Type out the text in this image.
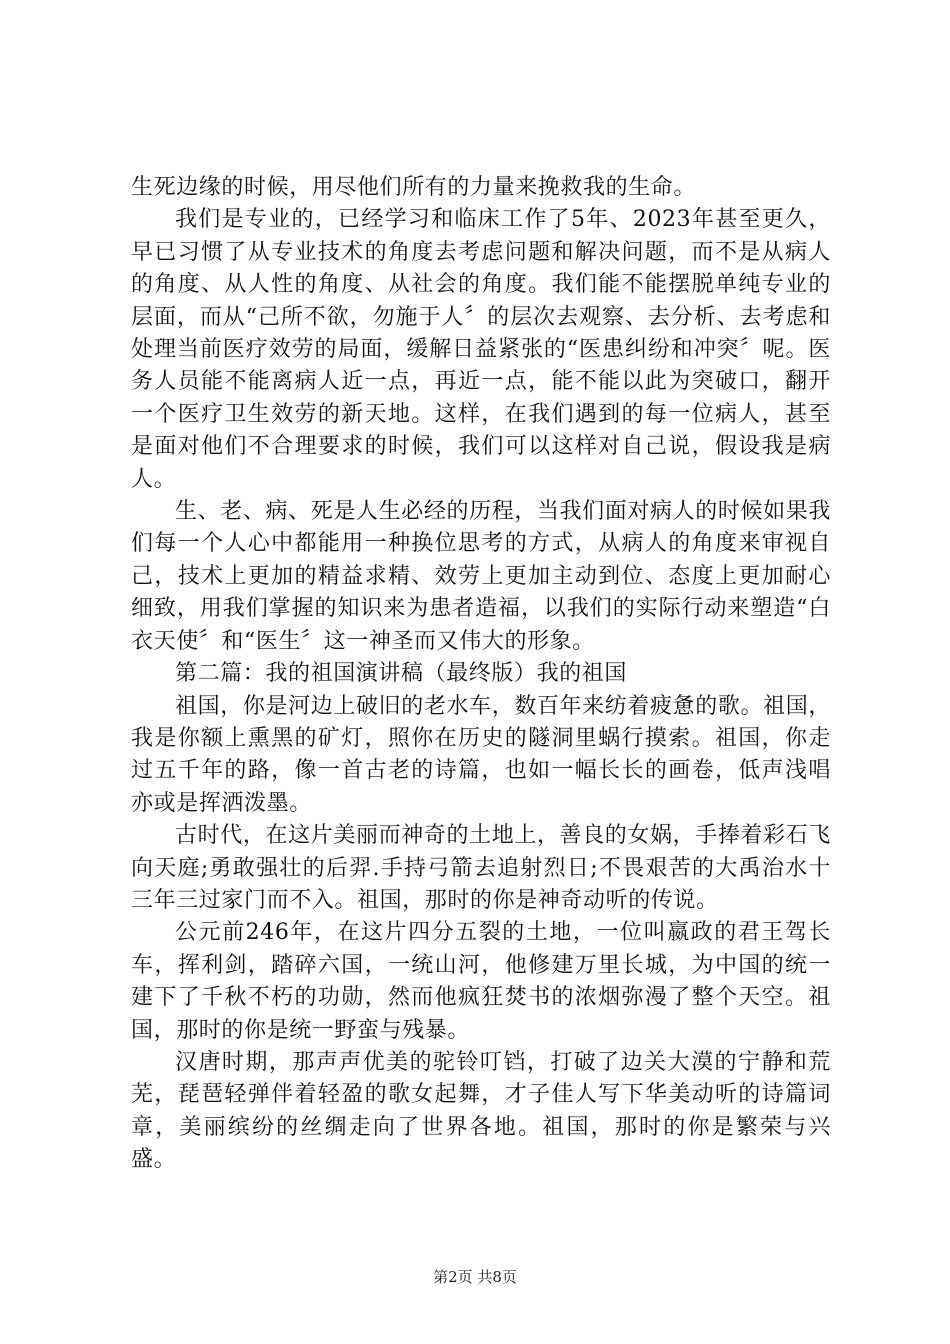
生死边缘的时候，用尽他们所有的力量来挽救我的生命。

我们是专业的，已经学习和临床工作了5年、2023年甚至更久，早已习惯了从专业技术的角度去考虑问题和解决问题，而不是从病人的角度、从人性的角度、从社会的角度。我们能不能摆脱单纯专业的层面，而从“己所不欲，勿施于人〞的层次去观察、去分析、去考虑和处理当前医疗效劳的局面，缓解日益紧张的“医患纠纷和冲突〞呢。医务人员能不能离病人近一点，再近一点，能不能以此为突破口，翻开一个医疗卫生效劳的新天地。这样，在我们遇到的每一位病人，甚至是面对他们不合理要求的时候，我们可以这样对自己说，假设我是病人。

生、老、病、死是人生必经的历程，当我们面对病人的时候如果我们每一个人心中都能用一种换位思考的方式，从病人的角度来审视自己，技术上更加的精益求精、效劳上更加主动到位、态度上更加耐心细致，用我们掌握的知识来为患者造福，以我们的实际行动来塑造“白衣天使〞和“医生〞这一神圣而又伟大的形象。

第二篇：我的祖国演讲稿（最终版）我的祖国

祖国，你是河边上破旧的老水车，数百年来纺着疲惫的歌。祖国，我是你额上熏黑的矿灯，照你在历史的隧洞里蜗行摸索。祖国，你走过五千年的路，像一首古老的诗篇，也如一幅长长的画卷，低声浅唱亦或是挥洒泼墨。

古时代，在这片美丽而神奇的土地上，善良的女娲，手捧着彩石飞向天庭;勇敢强壮的后羿.手持弓箭去追射烈日;不畏艰苦的大禹治水十三年三过家门而不入。祖国，那时的你是神奇动听的传说。

公元前246年，在这片四分五裂的土地，一位叫嬴政的君王驾长车，挥利剑，踏碎六国，一统山河，他修建万里长城，为中国的统一建下了千秋不朽的功勋，然而他疯狂焚书的浓烟弥漫了整个天空。祖国，那时的你是统一野蛮与残暴。

汉唐时期，那声声优美的驼铃叮铛，打破了边关大漠的宁静和荒芜，琵琶轻弹伴着轻盈的歌女起舞，才子佳人写下华美动听的诗篇词章，美丽缤纷的丝绸走向了世界各地。祖国，那时的你是繁荣与兴盛。

第2页 共8页
